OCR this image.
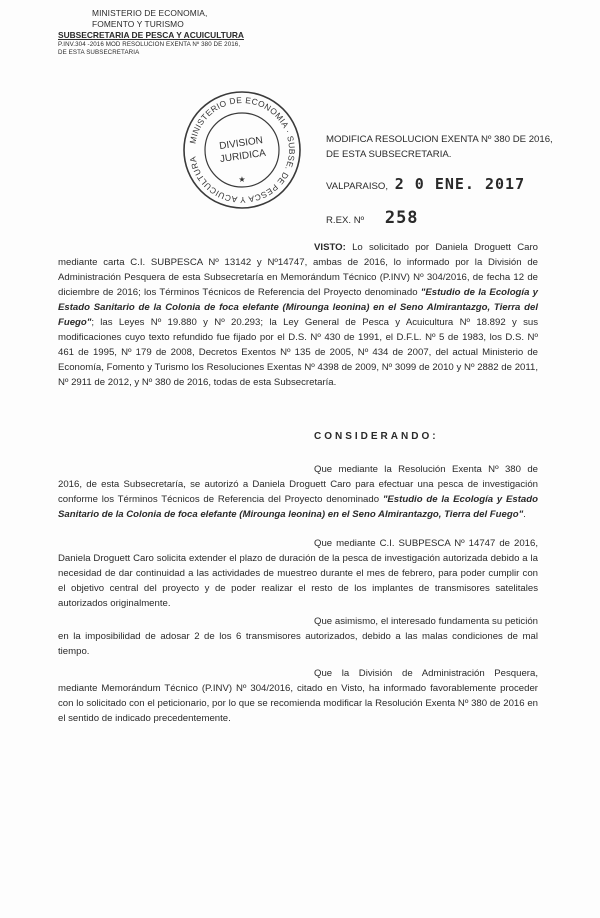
MINISTERIO DE ECONOMIA,
FOMENTO Y TURISMO
SUBSECRETARIA DE PESCA Y ACUICULTURA
P.INV.304 -2016 MOD RESOLUCION EXENTA Nº 380 DE 2016,
DE ESTA SUBSECRETARIA
MINISTERIO DE ECONOMIA · SUBSE. DE PESCA Y ACUICULTURA
DIVISION
JURIDICA
★
MODIFICA RESOLUCION EXENTA Nº 380 DE 2016, DE ESTA SUBSECRETARIA.
VALPARAISO, 2 0 ENE. 2017
R.EX. Nº 258
VISTO: Lo solicitado por Daniela Droguett Caro mediante carta C.I. SUBPESCA Nº 13142 y Nº14747, ambas de 2016, lo informado por la División de Administración Pesquera de esta Subsecretaría en Memorándum Técnico (P.INV) Nº 304/2016, de fecha 12 de diciembre de 2016; los Términos Técnicos de Referencia del Proyecto denominado "Estudio de la Ecología y Estado Sanitario de la Colonia de foca elefante (Mirounga leonina) en el Seno Almirantazgo, Tierra del Fuego"; las Leyes Nº 19.880 y Nº 20.293; la Ley General de Pesca y Acuicultura Nº 18.892 y sus modificaciones cuyo texto refundido fue fijado por el D.S. Nº 430 de 1991, el D.F.L. Nº 5 de 1983, los D.S. Nº 461 de 1995, Nº 179 de 2008, Decretos Exentos Nº 135 de 2005, Nº 434 de 2007, del actual Ministerio de Economía, Fomento y Turismo los Resoluciones Exentas Nº 4398 de 2009, Nº 3099 de 2010 y Nº 2882 de 2011, Nº 2911 de 2012, y Nº 380 de 2016, todas de esta Subsecretaría.
CONSIDERANDO:
Que mediante la Resolución Exenta Nº 380 de 2016, de esta Subsecretaría, se autorizó a Daniela Droguett Caro para efectuar una pesca de investigación conforme los Términos Técnicos de Referencia del Proyecto denominado "Estudio de la Ecología y Estado Sanitario de la Colonia de foca elefante (Mirounga leonina) en el Seno Almirantazgo, Tierra del Fuego".
Que mediante C.I. SUBPESCA Nº 14747 de 2016, Daniela Droguett Caro solicita extender el plazo de duración de la pesca de investigación autorizada debido a la necesidad de dar continuidad a las actividades de muestreo durante el mes de febrero, para poder cumplir con el objetivo central del proyecto y de poder realizar el resto de los implantes de transmisores satelitales autorizados originalmente.
Que asimismo, el interesado fundamenta su petición en la imposibilidad de adosar 2 de los 6 transmisores autorizados, debido a las malas condiciones de mal tiempo.
Que la División de Administración Pesquera, mediante Memorándum Técnico (P.INV) Nº 304/2016, citado en Visto, ha informado favorablemente proceder con lo solicitado con el peticionario, por lo que se recomienda modificar la Resolución Exenta Nº 380 de 2016 en el sentido de indicado precedentemente.
